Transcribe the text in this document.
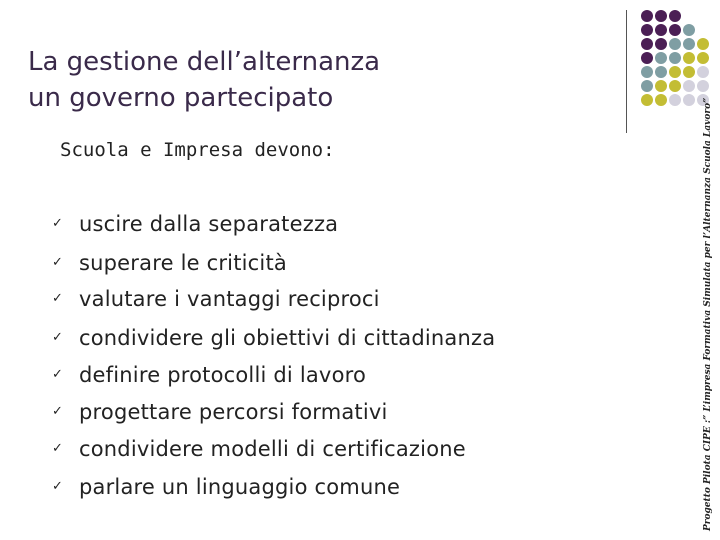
La gestione dell’alternanza
un governo partecipato
Scuola e Impresa devono:
✓ uscire dalla separatezza
✓ superare le criticità
✓ valutare i vantaggi reciproci
✓ condividere gli obiettivi di cittadinanza
✓ definire protocolli di lavoro
✓ progettare percorsi formativi
✓ condividere modelli di certificazione
✓ parlare un linguaggio comune	Progetto Pilota CIPE :” L’impresa Formativa Simulata per l’Alternanza Scuola Lavoro”
